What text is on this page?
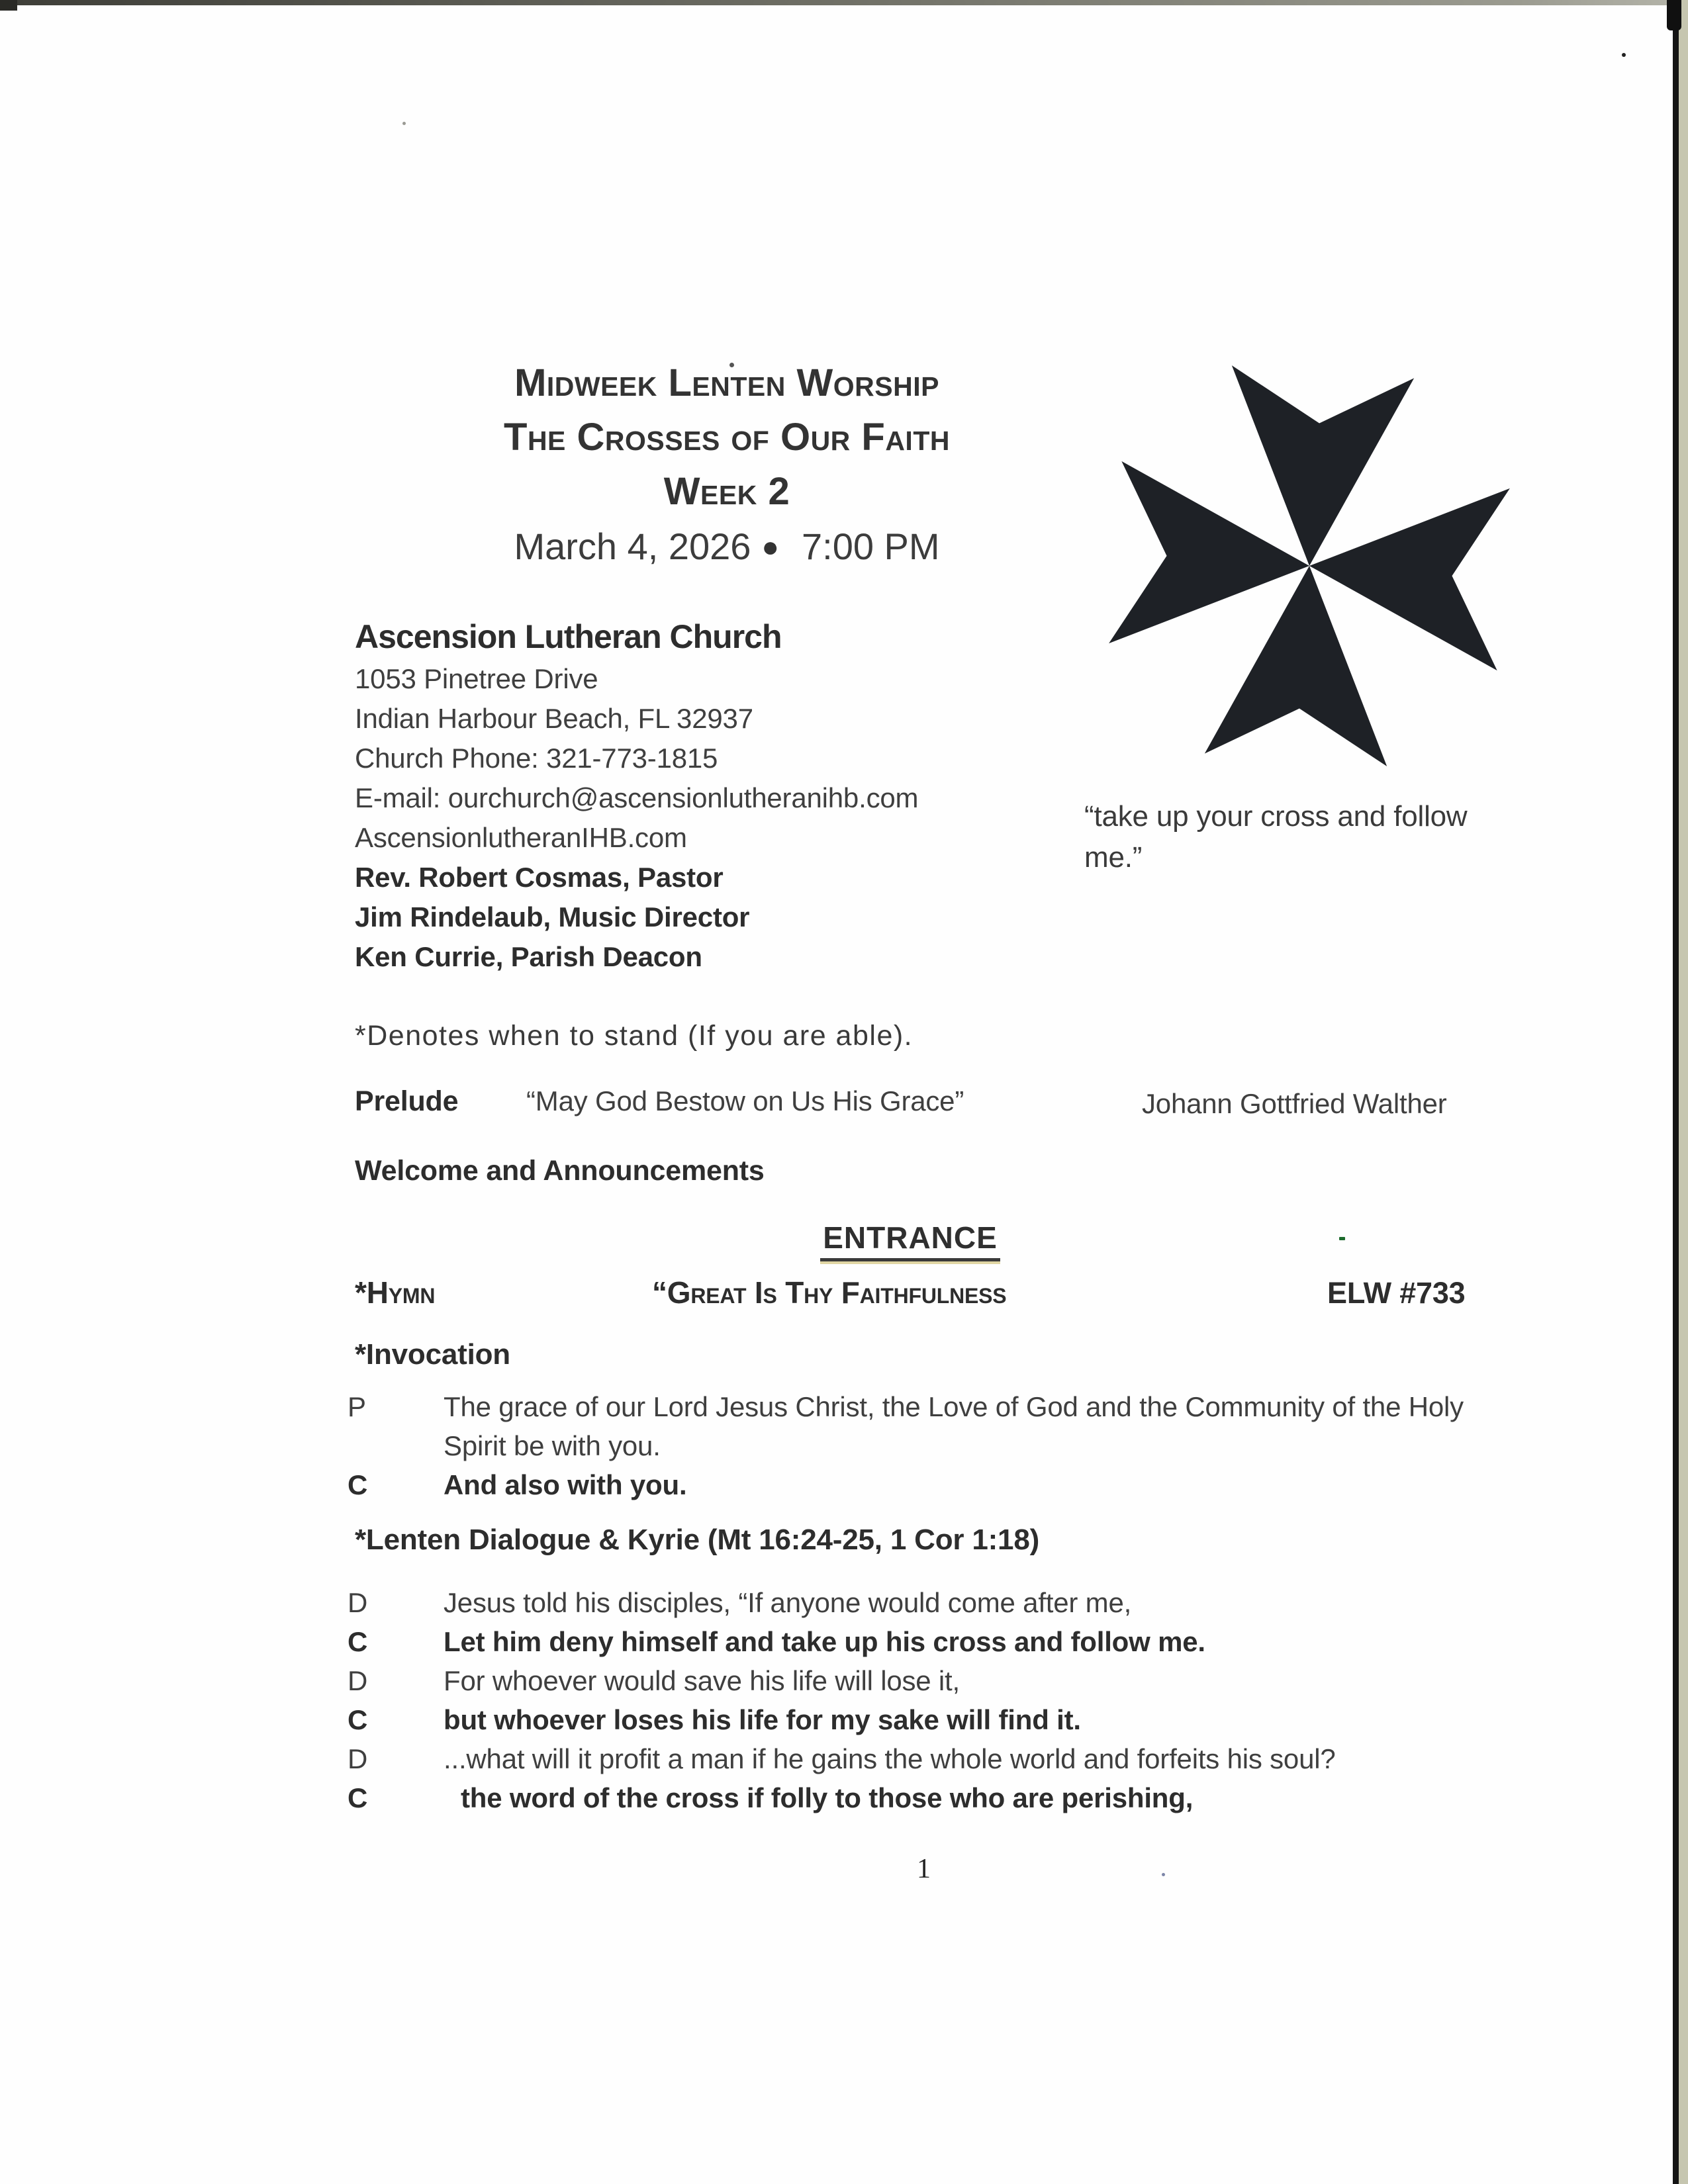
Midweek Lenten Worship
The Crosses of Our Faith
Week 2
March 4, 2026 ● 7:00 PM
“take up your cross and follow me.”
Ascension Lutheran Church
1053 Pinetree Drive
Indian Harbour Beach, FL 32937
Church Phone: 321-773-1815
E-mail: ourchurch@ascensionlutheranihb.com
AscensionlutheranIHB.com
Rev. Robert Cosmas, Pastor
Jim Rindelaub, Music Director
Ken Currie, Parish Deacon
*Denotes when to stand (If you are able).
Prelude “May God Bestow on Us His Grace”	Johann Gottfried Walther
Welcome and Announcements
ENTRANCE
*Hymn	“Great Is Thy Faithfulness	ELW #733
*Invocation
P	The grace of our Lord Jesus Christ, the Love of God and the Community of the Holy Spirit be with you.
C	And also with you.
*Lenten Dialogue & Kyrie (Mt 16:24-25, 1 Cor 1:18)
D	Jesus told his disciples, “If anyone would come after me,
C	Let him deny himself and take up his cross and follow me.
D	For whoever would save his life will lose it,
C	but whoever loses his life for my sake will find it.
D	...what will it profit a man if he gains the whole world and forfeits his soul?
C	the word of the cross if folly to those who are perishing,
1
